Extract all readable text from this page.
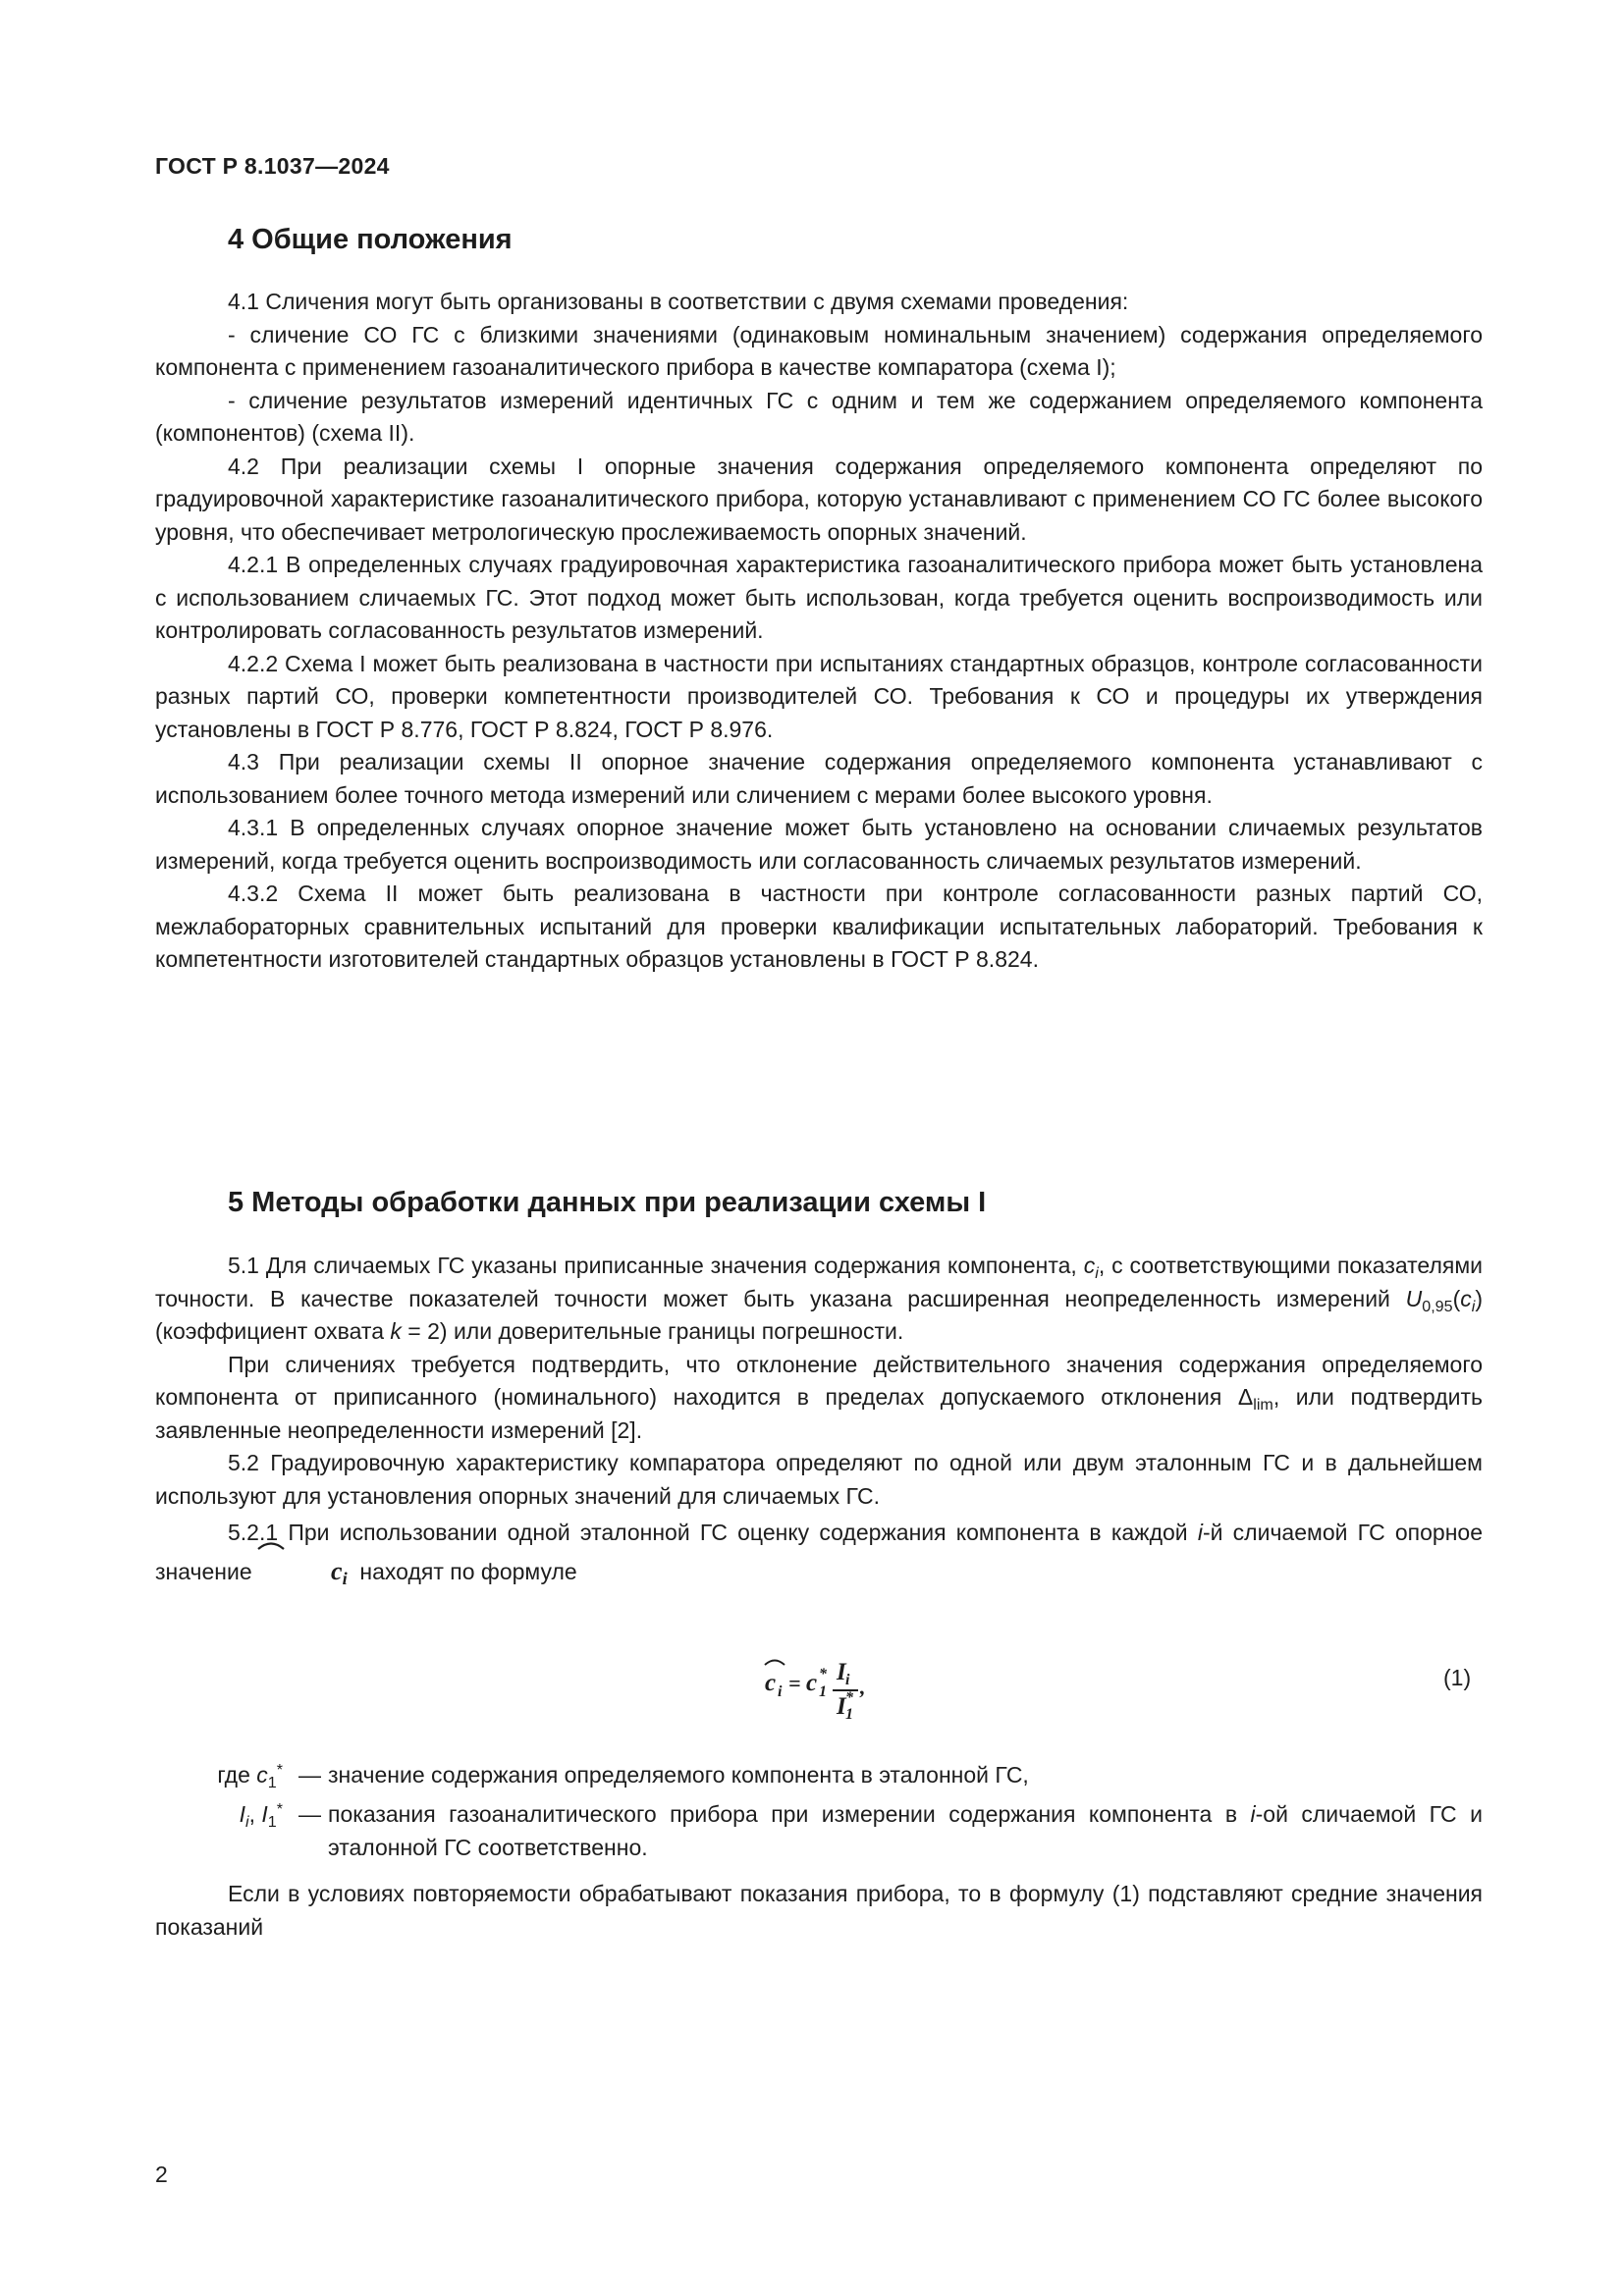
ГОСТ Р 8.1037—2024

4 Общие положения

4.1 Сличения могут быть организованы в соответствии с двумя схемами проведения:

- сличение СО ГС с близкими значениями (одинаковым номинальным значением) содержания определяемого компонента с применением газоаналитического прибора в качестве компаратора (схема I);

- сличение результатов измерений идентичных ГС с одним и тем же содержанием определяемого компонента (компонентов) (схема II).

4.2 При реализации схемы I опорные значения содержания определяемого компонента определяют по градуировочной характеристике газоаналитического прибора, которую устанавливают с применением СО ГС более высокого уровня, что обеспечивает метрологическую прослеживаемость опорных значений.

4.2.1 В определенных случаях градуировочная характеристика газоаналитического прибора может быть установлена с использованием сличаемых ГС. Этот подход может быть использован, когда требуется оценить воспроизводимость или контролировать согласованность результатов измерений.

4.2.2 Схема I может быть реализована в частности при испытаниях стандартных образцов, контроле согласованности разных партий СО, проверки компетентности производителей СО. Требования к СО и процедуры их утверждения установлены в ГОСТ Р 8.776, ГОСТ Р 8.824, ГОСТ Р 8.976.

4.3 При реализации схемы II опорное значение содержания определяемого компонента устанавливают с использованием более точного метода измерений или сличением с мерами более высокого уровня.

4.3.1 В определенных случаях опорное значение может быть установлено на основании сличаемых результатов измерений, когда требуется оценить воспроизводимость или согласованность сличаемых результатов измерений.

4.3.2 Схема II может быть реализована в частности при контроле согласованности разных партий СО, межлабораторных сравнительных испытаний для проверки квалификации испытательных лабораторий. Требования к компетентности изготовителей стандартных образцов установлены в ГОСТ Р 8.824.

5 Методы обработки данных при реализации схемы I

5.1 Для сличаемых ГС указаны приписанные значения содержания компонента, $c_i$, с соответствующими показателями точности. В качестве показателей точности может быть указана расширенная неопределенность измерений $U_{0,95}(c_i)$ (коэффициент охвата k = 2) или доверительные границы погрешности.

При сличениях требуется подтвердить, что отклонение действительного значения содержания определяемого компонента от приписанного (номинального) находится в пределах допускаемого отклонения $\Delta_{lim}$, или подтвердить заявленные неопределенности измерений [2].

5.2 Градуировочную характеристику компаратора определяют по одной или двум эталонным ГС и в дальнейшем используют для установления опорных значений для сличаемых ГС.

5.2.1 При использовании одной эталонной ГС оценку содержания компонента в каждой i-й сличаемой ГС опорное значение	$c_i$  находят по формуле

c i = c 1
* I i
I 1
* ,	(1)
где $c_1^*$ — значение содержания определяемого компонента в эталонной ГС,
$I_i$, $I_1^*$ — показания газоаналитического прибора при измерении содержания компонента в i-ой сличаемой ГС и эталонной ГС соответственно.

Если в условиях повторяемости обрабатывают показания прибора, то в формулу (1) подставляют средние значения показаний

2
